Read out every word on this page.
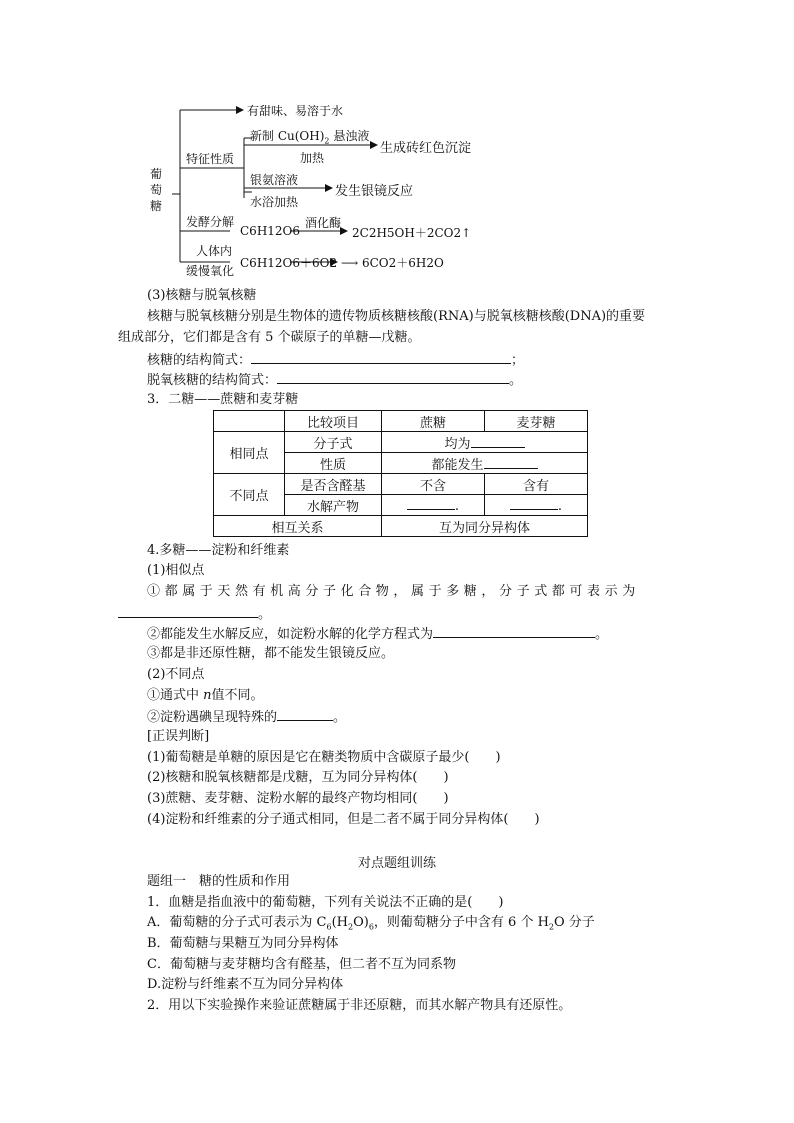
葡
萄
糖
有甜味、易溶于水
特征性质
新制 $Cu(OH)_2$ 悬浊液
加热
生成砖红色沉淀
银氨溶液
水浴加热
发生银镜反应
发酵分解
C6H12O6
酒化酶
2C2H5OH＋2CO2↑
人体内
缓慢氧化
C6H12O6＋6O2 ⟶ 6CO2＋6H2O
(3)核糖与脱氧核糖
核糖与脱氧核糖分别是生物体的遗传物质核糖核酸(RNA)与脱氧核糖核酸(DNA)的重要
组成部分，它们都是含有 5 个碳原子的单糖—戊糖。
核糖的结构简式：	；
脱氧核糖的结构简式：	。
3．二糖——蔗糖和麦芽糖
	比较项目	蔗糖	麦芽糖
相同点	分子式	均为	
	性质	都能发生	
不同点	是否含醛基	不含	含有
	水解产物	.	.
相互关系		互为同分异构体	
4.多糖——淀粉和纤维素
(1)相似点
①都属于天然有机高分子化合物，属于多糖，分子式都可表示为
。
②都能发生水解反应，如淀粉水解的化学方程式为	。
③都是非还原性糖，都不能发生银镜反应。
(2)不同点
①通式中 n值不同。
②淀粉遇碘呈现特殊的	。
[正误判断]
(1)葡萄糖是单糖的原因是它在糖类物质中含碳原子最少(　　)
(2)核糖和脱氧核糖都是戊糖，互为同分异构体(　　)
(3)蔗糖、麦芽糖、淀粉水解的最终产物均相同(　　)
(4)淀粉和纤维素的分子通式相同，但是二者不属于同分异构体(　　)
对点题组训练
题组一　糖的性质和作用
1．血糖是指血液中的葡萄糖，下列有关说法不正确的是(　　)
A．葡萄糖的分子式可表示为 $C_6(H_2O)_6$，则葡萄糖分子中含有 6 个 $H_2O$ 分子
B．葡萄糖与果糖互为同分异构体
C．葡萄糖与麦芽糖均含有醛基，但二者不互为同系物
D.淀粉与纤维素不互为同分异构体
2．用以下实验操作来验证蔗糖属于非还原糖，而其水解产物具有还原性。
